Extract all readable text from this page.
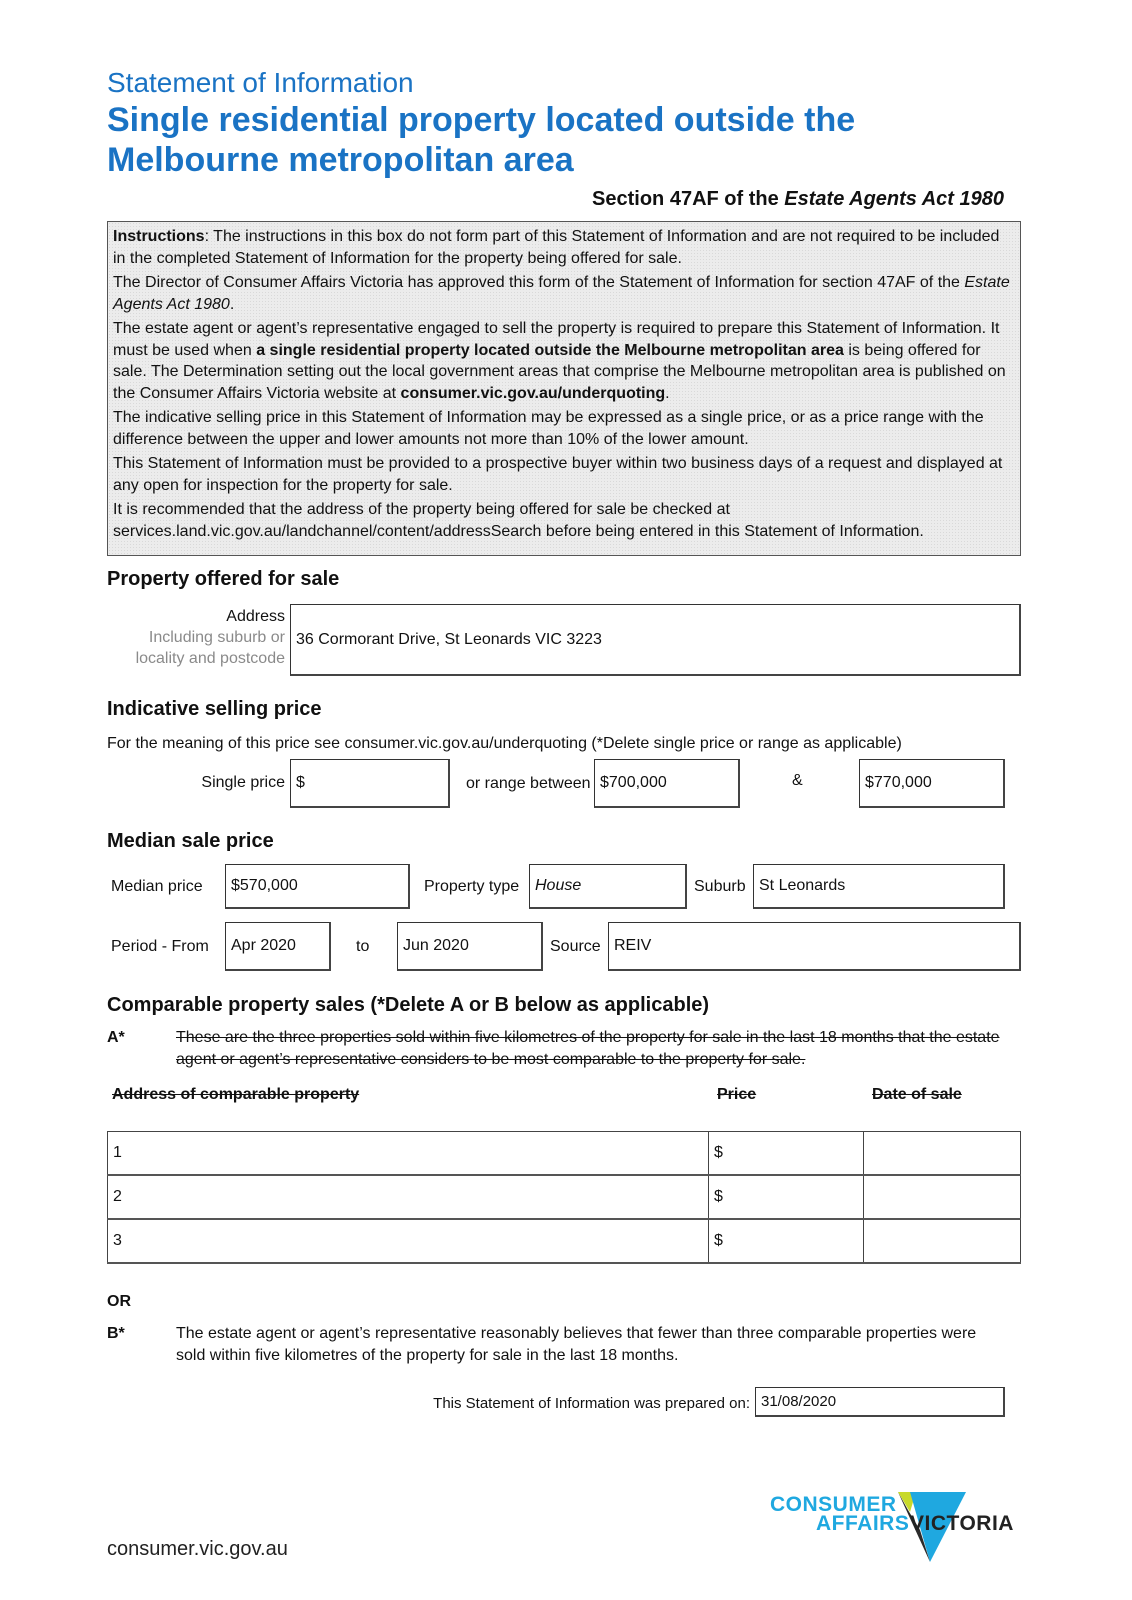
Statement of Information
Single residential property located outside the
Melbourne metropolitan area
Section 47AF of the Estate Agents Act 1980

Instructions: The instructions in this box do not form part of this Statement of Information and are not required to be included in the completed Statement of Information for the property being offered for sale.

The Director of Consumer Affairs Victoria has approved this form of the Statement of Information for section 47AF of the Estate Agents Act 1980.

The estate agent or agent’s representative engaged to sell the property is required to prepare this Statement of Information. It must be used when a single residential property located outside the Melbourne metropolitan area is being offered for sale. The Determination setting out the local government areas that comprise the Melbourne metropolitan area is published on the Consumer Affairs Victoria website at consumer.vic.gov.au/underquoting.

The indicative selling price in this Statement of Information may be expressed as a single price, or as a price range with the difference between the upper and lower amounts not more than 10% of the lower amount.

This Statement of Information must be provided to a prospective buyer within two business days of a request and displayed at any open for inspection for the property for sale.

It is recommended that the address of the property being offered for sale be checked at services.land.vic.gov.au/landchannel/content/addressSearch before being entered in this Statement of Information.

Property offered for sale
Address
Including suburb or
locality and postcode
36 Cormorant Drive, St Leonards VIC 3223
Indicative selling price
For the meaning of this price see consumer.vic.gov.au/underquoting (*Delete single price or range as applicable)
Single price $	or range between $700,000	&	$770,000
Median sale price
Median price	$570,000	Property type House	Suburb St Leonards
Period - From	Apr 2020	to	Jun 2020	Source REIV
Comparable property sales (*Delete A or B below as applicable)
A*	These are the three properties sold within five kilometres of the property for sale in the last 18 months that the estate agent or agent’s representative considers to be most comparable to the property for sale.
Address of comparable property	Price	Date of sale
1	$	
2	$	
3	$	
OR
B*	The estate agent or agent’s representative reasonably believes that fewer than three comparable properties were sold within five kilometres of the property for sale in the last 18 months.
This Statement of Information was prepared on: 31/08/2020
CONSUMER
AFFAIRS VICTORIA
consumer.vic.gov.au
